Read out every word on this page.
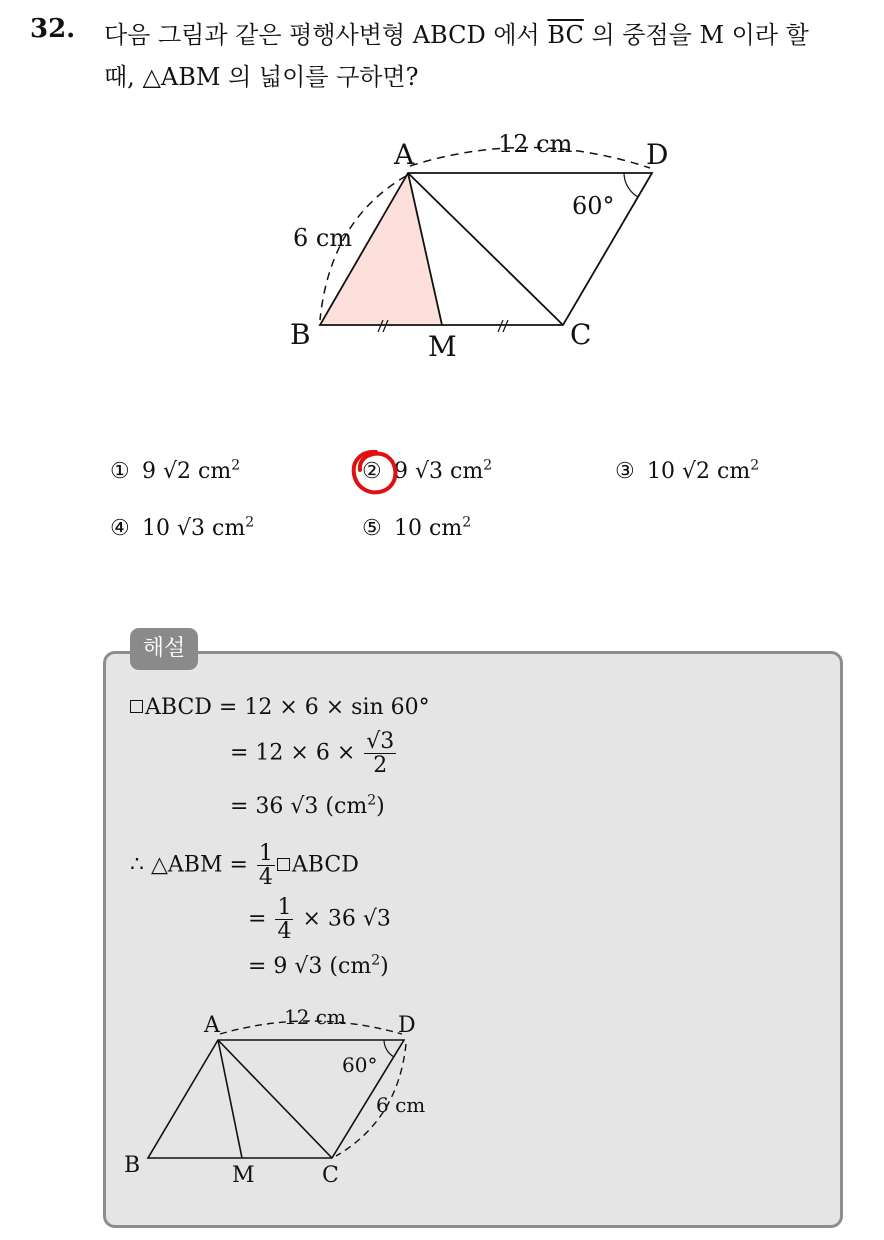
32. 다음 그림과 같은 평행사변형 ABCD 에서 $\overline{BC}$ 의 중점을 M 이라 할
때, △ABM 의 넓이를 구하면?
A	D
B	C
M
12 cm
6 cm
60°
① 9 √2 $cm^2$	② 9 √3 $cm^2$	③ 10 √2 $cm^2$
④ 10 √3 $cm^2$	⑤ 10 $cm^2$
해설
ABCD = 12 × 6 × sin 60°
= $12 \times 6 \times \frac{√3}{2}$
= 36 √3 $(cm^2)$
∴ △ABM = $\frac{1}{4}$ ABCD
= $\frac{1}{4} \times 36$ √3
= 9 √3 $(cm^2)$
A	D
B	C
M
12 cm
6 cm
60°
